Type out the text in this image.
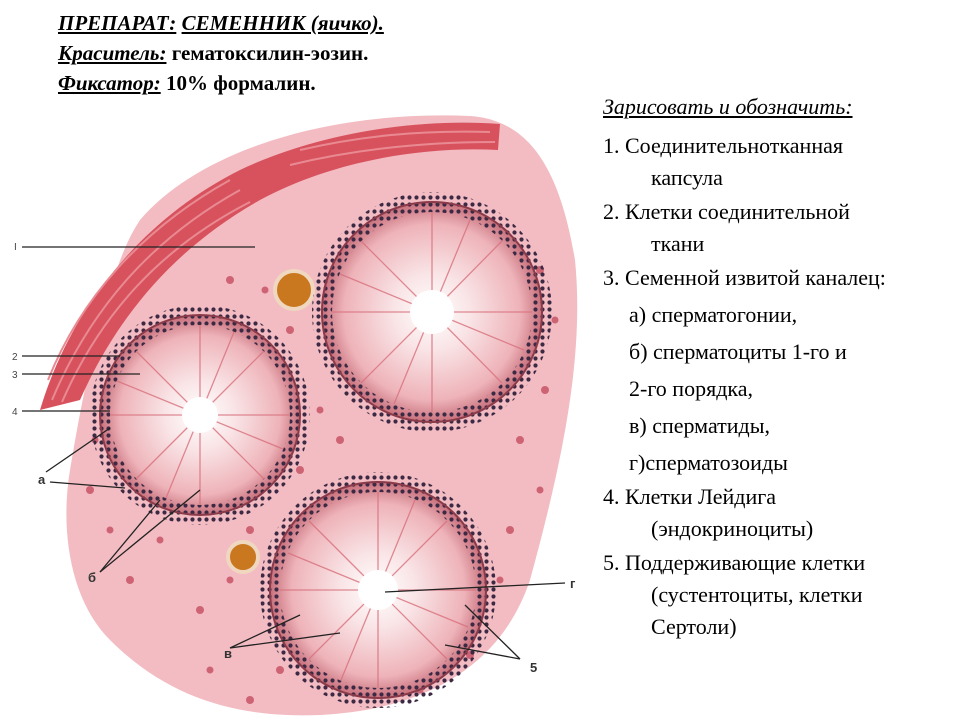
ПРЕПАРАТ: СЕМЕННИК (яичко).
Краситель: гематоксилин-эозин.
Фиксатор: 10% формалин.
I
2
3
4
а
б
в
г
5
Зарисовать и обозначить:
1. Соединительнотканная
капсула
2. Клетки соединительной
ткани
3. Семенной извитой каналец:
а) сперматогонии,
б) сперматоциты 1-го и
2-го порядка,
в) сперматиды,
г)сперматозоиды
4. Клетки Лейдига
(эндокриноциты)
5. Поддерживающие клетки
(сустентоциты, клетки
Сертоли)
